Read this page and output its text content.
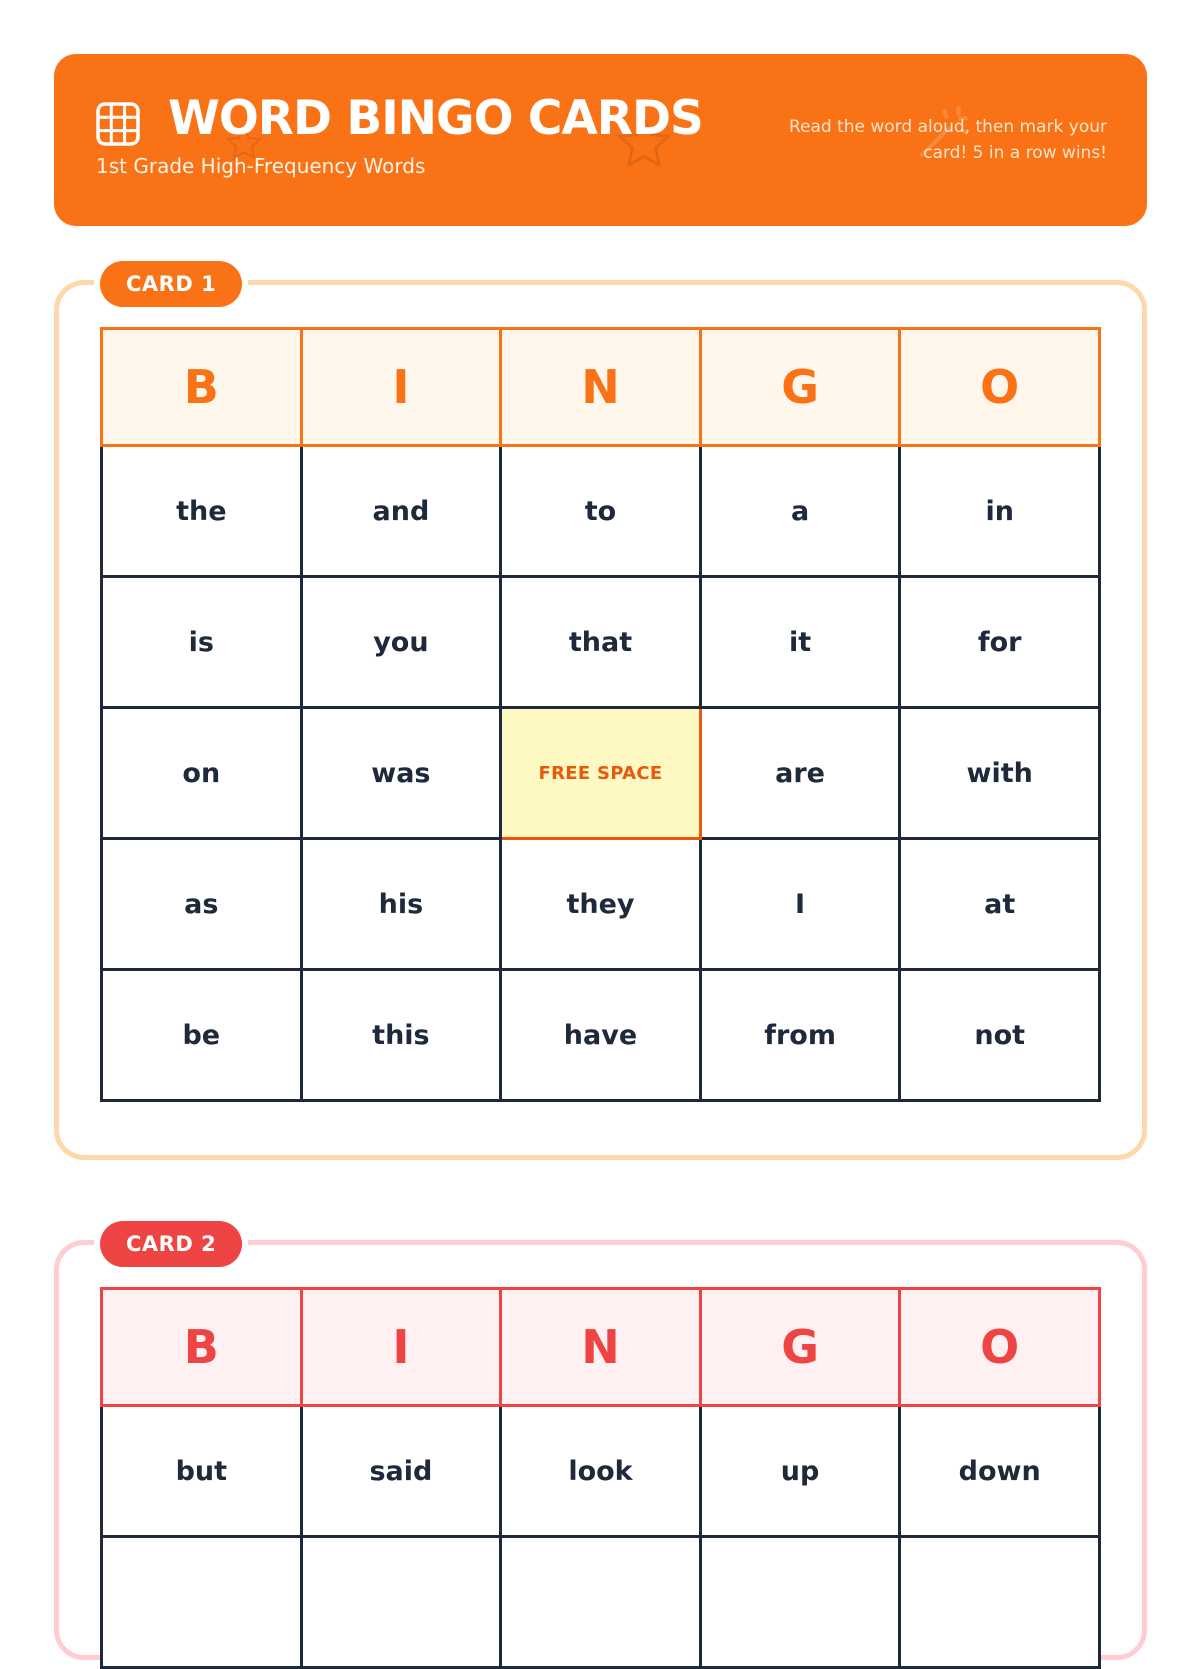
WORD BINGO CARDS
1st Grade High-Frequency Words
Read the word aloud, then mark your card! 5 in a row wins!
CARD 1
B	I	N	G	O
the	and	to	a	in
is	you	that	it	for
on	was	FREE SPACE	are	with
as	his	they	I	at
be	this	have	from	not
CARD 2
B	I	N	G	O
but	said	look	up	down
